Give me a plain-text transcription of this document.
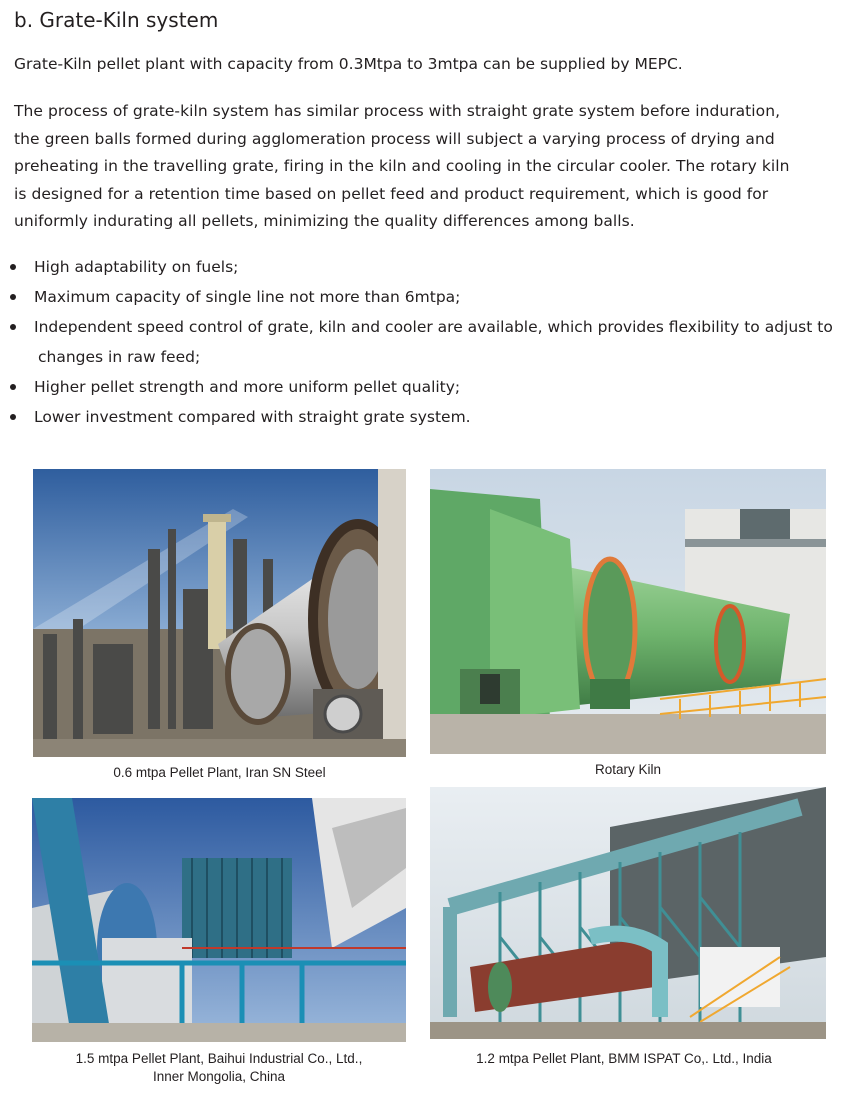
b. Grate-Kiln system

Grate-Kiln pellet plant with capacity from 0.3Mtpa to 3mtpa can be supplied by MEPC.

The process of grate-kiln system has similar process with straight grate system before induration,
the green balls formed during agglomeration process will subject a varying process of drying and
preheating in the travelling grate, firing in the kiln and cooling in the circular cooler. The rotary kiln
is designed for a retention time based on pellet feed and product requirement, which is good for
uniformly indurating all pellets, minimizing the quality differences among balls.

High adaptability on fuels;
Maximum capacity of single line not more than 6mtpa;
Independent speed control of grate, kiln and cooler are available, which provides flexibility to adjust to
changes in raw feed;
Higher pellet strength and more uniform pellet quality;
Lower investment compared with straight grate system.
0.6 mtpa Pellet Plant, Iran SN Steel	Rotary Kiln
1.5 mtpa Pellet Plant, Baihui Industrial Co., Ltd.,
Inner Mongolia, China
1.2 mtpa Pellet Plant, BMM ISPAT Co,. Ltd., India
